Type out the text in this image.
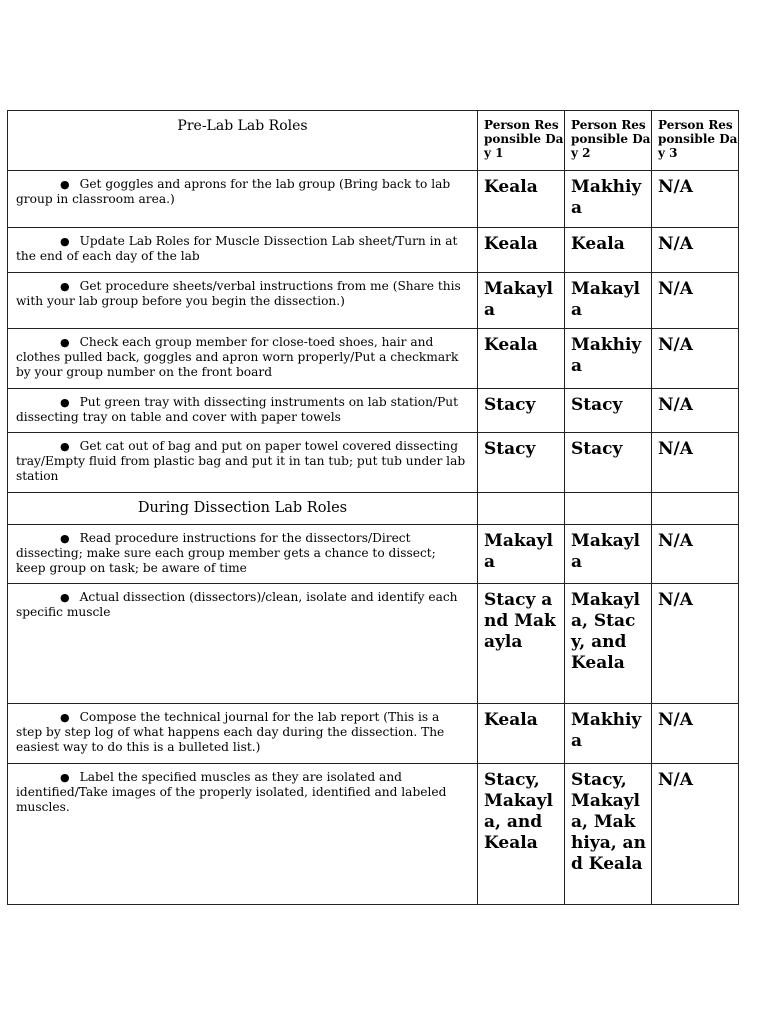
Pre-Lab Lab Roles	Person Responsible Day 1	Person Responsible Day 2	Person Responsible Day 3

● Get goggles and aprons for the lab group (Bring back to lab group in classroom area.)	Keala	Makhiya	N/A

● Update Lab Roles for Muscle Dissection Lab sheet/Turn in at the end of each day of the lab	Keala	Keala	N/A

● Get procedure sheets/verbal instructions from me (Share this with your lab group before you begin the dissection.)	Makayla	Makayla	N/A

● Check each group member for close-toed shoes, hair and clothes pulled back, goggles and apron worn properly/Put a checkmark by your group number on the front board	Keala	Makhiya	N/A

● Put green tray with dissecting instruments on lab station/Put dissecting tray on table and cover with paper towels	Stacy	Stacy	N/A

● Get cat out of bag and put on paper towel covered dissecting tray/Empty fluid from plastic bag and put it in tan tub; put tub under lab station	Stacy	Stacy	N/A
During Dissection Lab Roles			

● Read procedure instructions for the dissectors/Direct dissecting; make sure each group member gets a chance to dissect; keep group on task; be aware of time	Makayla	Makayla	N/A

● Actual dissection (dissectors)/clean, isolate and identify each specific muscle	Stacy and Makayla	Makayla, Stacy, and Keala	N/A

● Compose the technical journal for the lab report (This is a step by step log of what happens each day during the dissection. The easiest way to do this is a bulleted list.)	Keala	Makhiya	N/A

● Label the specified muscles as they are isolated and identified/Take images of the properly isolated, identified and labeled muscles.	Stacy, Makayla, and Keala	Stacy, Makayla, Makhiya, and Keala	N/A
